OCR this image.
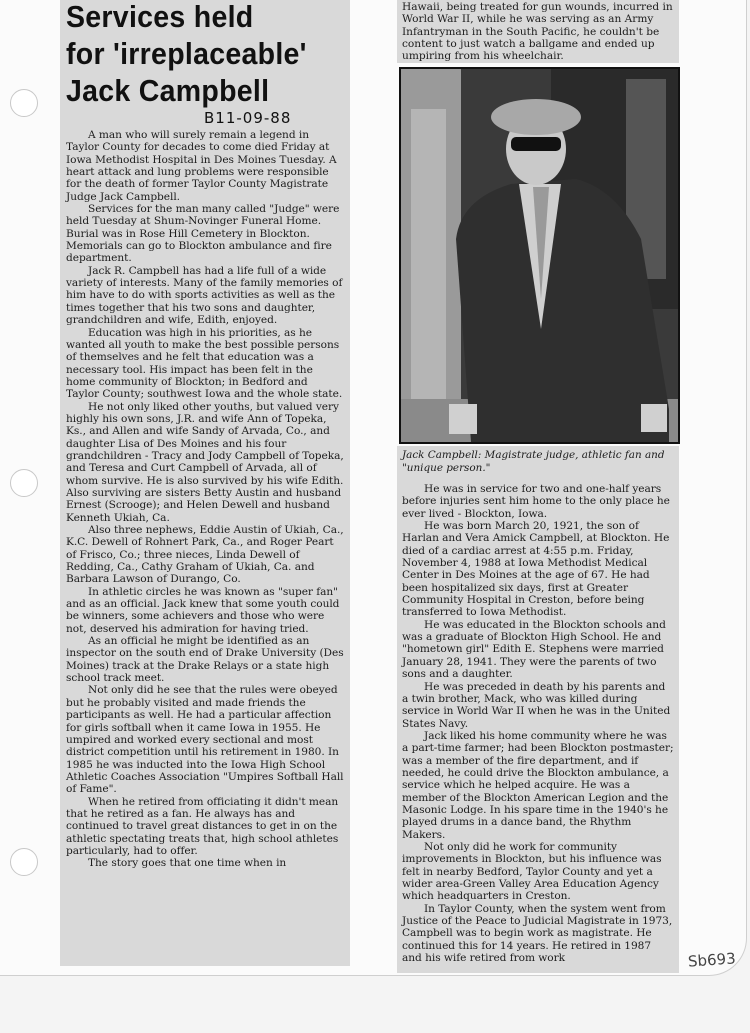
Services held
for 'irreplaceable'
Jack Campbell
B11-09-88

A man who will surely remain a legend in Taylor County for decades to come died Friday at Iowa Methodist Hospital in Des Moines Tuesday. A heart attack and lung problems were responsible for the death of former Taylor County Magistrate Judge Jack Campbell.

Services for the man many called "Judge" were held Tuesday at Shum-Novinger Funeral Home. Burial was in Rose Hill Cemetery in Blockton. Memorials can go to Blockton ambulance and fire department.

Jack R. Campbell has had a life full of a wide variety of interests. Many of the family memories of him have to do with sports activities as well as the times together that his two sons and daughter, grandchildren and wife, Edith, enjoyed.

Education was high in his priorities, as he wanted all youth to make the best possible persons of themselves and he felt that education was a necessary tool. His impact has been felt in the home community of Blockton; in Bedford and Taylor County; southwest Iowa and the whole state.

He not only liked other youths, but valued very highly his own sons, J.R. and wife Ann of Topeka, Ks., and Allen and wife Sandy of Arvada, Co., and daughter Lisa of Des Moines and his four grandchildren - Tracy and Jody Campbell of Topeka, and Teresa and Curt Campbell of Arvada, all of whom survive. He is also survived by his wife Edith. Also surviving are sisters Betty Austin and husband Ernest (Scrooge); and Helen Dewell and husband Kenneth Ukiah, Ca.

Also three nephews, Eddie Austin of Ukiah, Ca., K.C. Dewell of Rohnert Park, Ca., and Roger Peart of Frisco, Co.; three nieces, Linda Dewell of Redding, Ca., Cathy Graham of Ukiah, Ca. and Barbara Lawson of Durango, Co.

In athletic circles he was known as "super fan" and as an official. Jack knew that some youth could be winners, some achievers and those who were not, deserved his admiration for having tried.

As an official he might be identified as an inspector on the south end of Drake University (Des Moines) track at the Drake Relays or a state high school track meet.

Not only did he see that the rules were obeyed but he probably visited and made friends the participants as well. He had a particular affection for girls softball when it came Iowa in 1955. He umpired and worked every sectional and most district competition until his retirement in 1980. In 1985 he was inducted into the Iowa High School Athletic Coaches Association "Umpires Softball Hall of Fame".

When he retired from officiating it didn't mean that he retired as a fan. He always has and continued to travel great distances to get in on the athletic spectating treats that, high school athletes particularly, had to offer.

The story goes that one time when in

Hawaii, being treated for gun wounds, incurred in World War II, while he was serving as an Army Infantryman in the South Pacific, he couldn't be content to just watch a ballgame and ended up umpiring from his wheelchair.

Jack Campbell: Magistrate judge, athletic fan and "unique person."

He was in service for two and one-half years before injuries sent him home to the only place he ever lived - Blockton, Iowa.

He was born March 20, 1921, the son of Harlan and Vera Amick Campbell, at Blockton. He died of a cardiac arrest at 4:55 p.m. Friday, November 4, 1988 at Iowa Methodist Medical Center in Des Moines at the age of 67. He had been hospitalized six days, first at Greater Community Hospital in Creston, before being transferred to Iowa Methodist.

He was educated in the Blockton schools and was a graduate of Blockton High School. He and "hometown girl" Edith E. Stephens were married January 28, 1941. They were the parents of two sons and a daughter.

He was preceded in death by his parents and a twin brother, Mack, who was killed during service in World War II when he was in the United States Navy.

Jack liked his home community where he was a part-time farmer; had been Blockton postmaster; was a member of the fire department, and if needed, he could drive the Blockton ambulance, a service which he helped acquire. He was a member of the Blockton American Legion and the Masonic Lodge. In his spare time in the 1940's he played drums in a dance band, the Rhythm Makers.

Not only did he work for community improvements in Blockton, but his influence was felt in nearby Bedford, Taylor County and yet a wider area-Green Valley Area Education Agency which headquarters in Creston.

In Taylor County, when the system went from Justice of the Peace to Judicial Magistrate in 1973, Campbell was to begin work as magistrate. He continued this for 14 years. He retired in 1987 and his wife retired from work	Sb693
